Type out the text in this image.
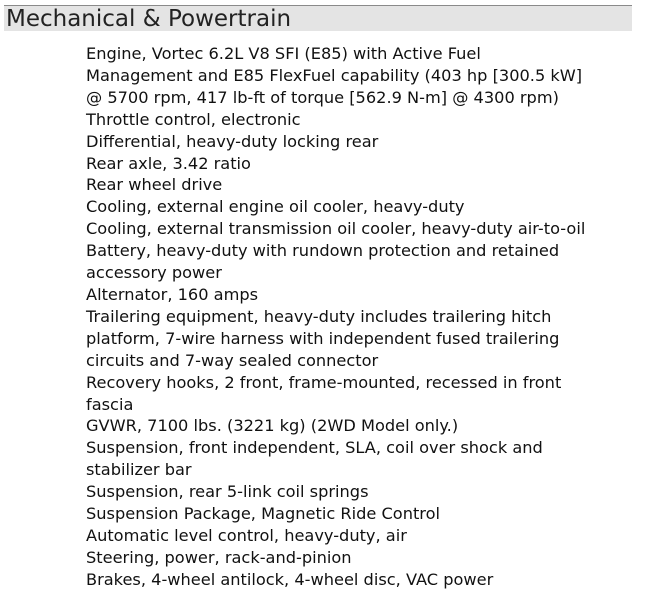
Mechanical & Powertrain
Engine, Vortec 6.2L V8 SFI (E85) with Active Fuel
Management and E85 FlexFuel capability (403 hp [300.5 kW]
@ 5700 rpm, 417 lb-ft of torque [562.9 N-m] @ 4300 rpm)
Throttle control, electronic
Differential, heavy-duty locking rear
Rear axle, 3.42 ratio
Rear wheel drive
Cooling, external engine oil cooler, heavy-duty
Cooling, external transmission oil cooler, heavy-duty air-to-oil
Battery, heavy-duty with rundown protection and retained
accessory power
Alternator, 160 amps
Trailering equipment, heavy-duty includes trailering hitch
platform, 7-wire harness with independent fused trailering
circuits and 7-way sealed connector
Recovery hooks, 2 front, frame-mounted, recessed in front
fascia
GVWR, 7100 lbs. (3221 kg) (2WD Model only.)
Suspension, front independent, SLA, coil over shock and
stabilizer bar
Suspension, rear 5-link coil springs
Suspension Package, Magnetic Ride Control
Automatic level control, heavy-duty, air
Steering, power, rack-and-pinion
Brakes, 4-wheel antilock, 4-wheel disc, VAC power
